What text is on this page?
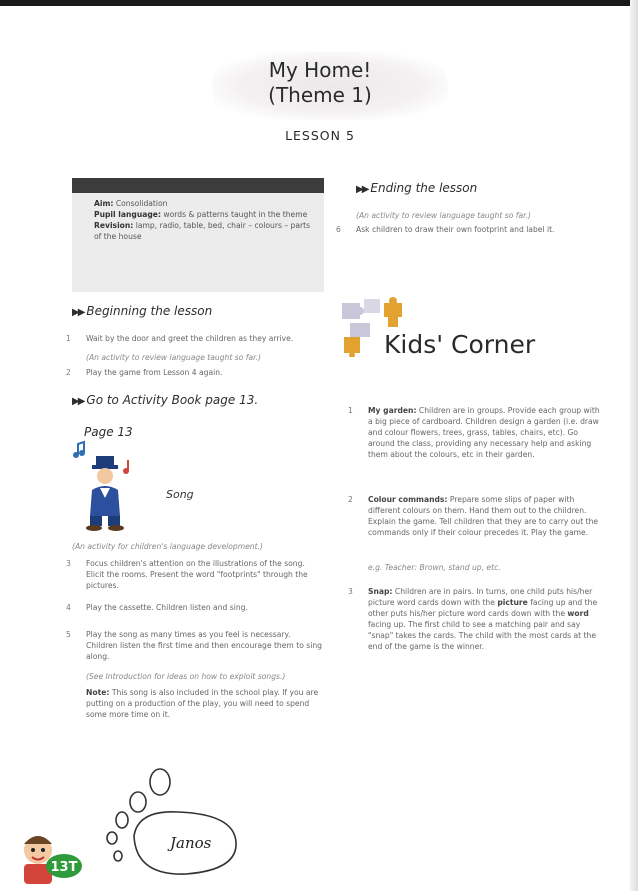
My Home!
(Theme 1)
LESSON 5
Aim: Consolidation
Pupil language: words & patterns taught in the theme
Revision: lamp, radio, table, bed, chair – colours – parts of the house
▶▶ Beginning the lesson
1 Wait by the door and greet the children as they arrive.
(An activity to review language taught so far.)
2 Play the game from Lesson 4 again.
▶▶ Go to Activity Book page 13.
Page 13
Song
(An activity for children's language development.)
3 Focus children's attention on the illustrations of the song. Elicit the rooms. Present the word "footprints" through the pictures.
4 Play the cassette. Children listen and sing.
5 Play the song as many times as you feel is necessary. Children listen the first time and then encourage them to sing along.
(See Introduction for ideas on how to exploit songs.)
Note: This song is also included in the school play. If you are putting on a production of the play, you will need to spend some more time on it.
▶▶ Ending the lesson
(An activity to review language taught so far.)
6 Ask children to draw their own footprint and label it.
Kids' Corner
1 My garden: Children are in groups. Provide each group with a big piece of cardboard. Children design a garden (i.e. draw and colour flowers, trees, grass, tables, chairs, etc). Go around the class, providing any necessary help and asking them about the colours, etc in their garden.
2 Colour commands: Prepare some slips of paper with different colours on them. Hand them out to the children. Explain the game. Tell children that they are to carry out the commands only if their colour precedes it. Play the game.
e.g. Teacher: Brown, stand up, etc.
3 Snap: Children are in pairs. In turns, one child puts his/her picture word cards down with the picture facing up and the other puts his/her picture word cards down with the word facing up. The first child to see a matching pair and say "snap" takes the cards. The child with the most cards at the end of the game is the winner.
Janos
13T
